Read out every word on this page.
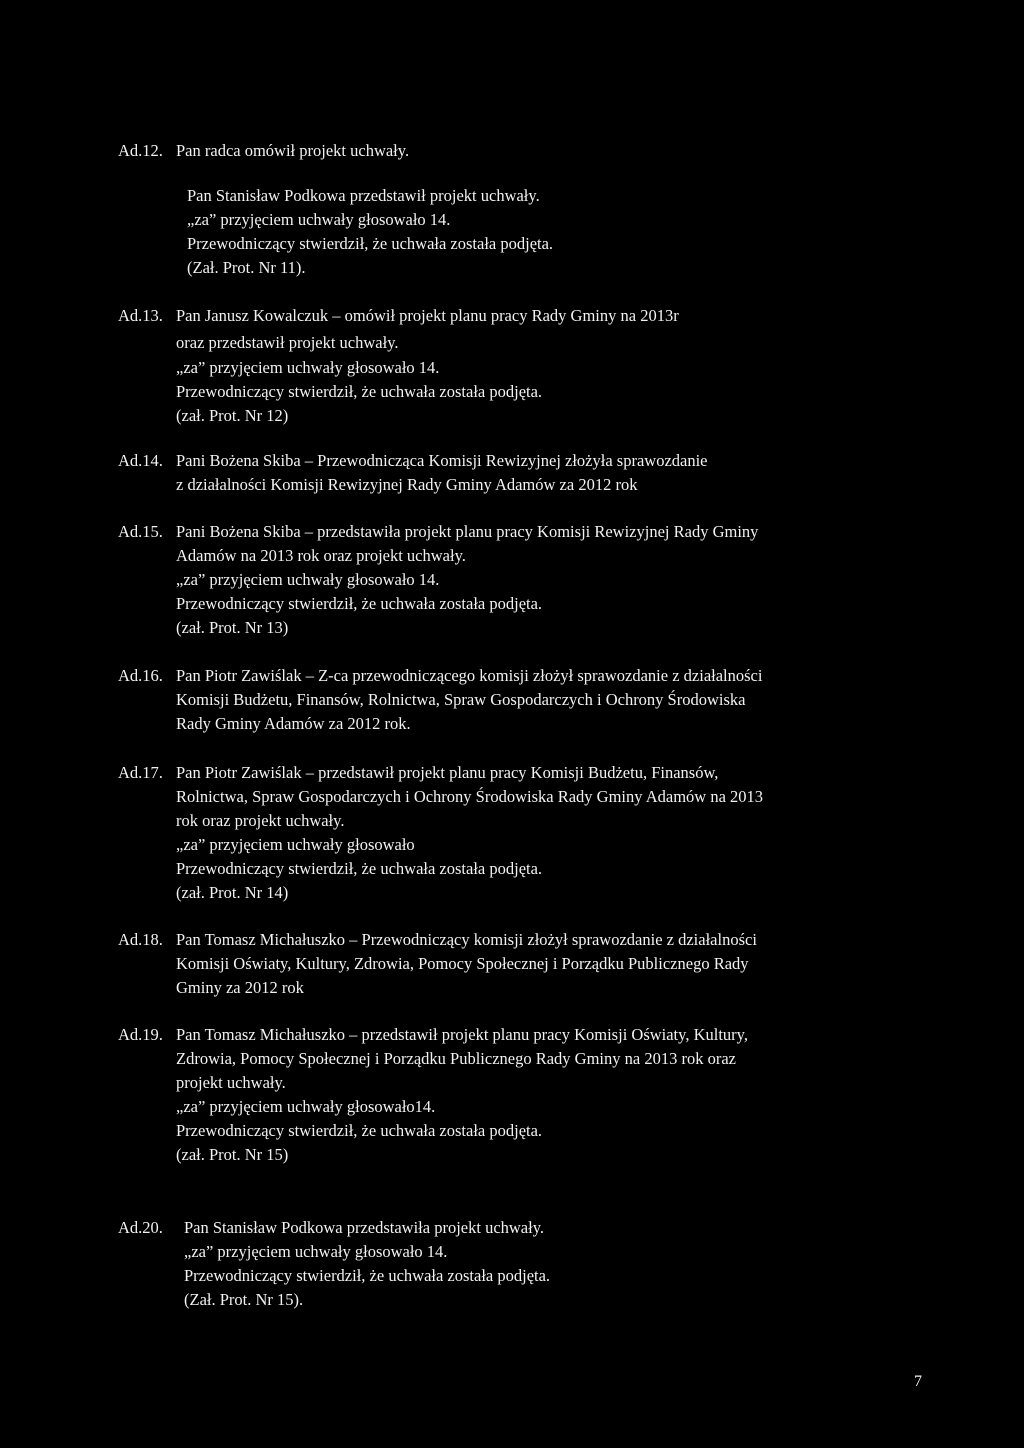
7
Ad.12. Pan radca omówił projekt uchwały.
Pan Stanisław Podkowa przedstawił projekt uchwały.
„za” przyjęciem uchwały głosowało 14.
Przewodniczący stwierdził, że uchwała została podjęta.
(Zał. Prot. Nr 11).
Ad.13. Pan Janusz Kowalczuk – omówił projekt planu pracy Rady Gminy na 2013r
oraz przedstawił projekt uchwały.
„za” przyjęciem uchwały głosowało 14.
Przewodniczący stwierdził, że uchwała została podjęta.
(zał. Prot. Nr 12)
Ad.14. Pani Bożena Skiba – Przewodnicząca Komisji Rewizyjnej złożyła sprawozdanie
z działalności Komisji Rewizyjnej Rady Gminy Adamów za 2012 rok
Ad.15. Pani Bożena Skiba – przedstawiła projekt planu pracy Komisji Rewizyjnej Rady Gminy
Adamów na 2013 rok oraz projekt uchwały.
„za” przyjęciem uchwały głosowało 14.
Przewodniczący stwierdził, że uchwała została podjęta.
(zał. Prot. Nr 13)
Ad.16. Pan Piotr Zawiślak – Z-ca przewodniczącego komisji złożył sprawozdanie z działalności
Komisji Budżetu, Finansów, Rolnictwa, Spraw Gospodarczych i Ochrony Środowiska
Rady Gminy Adamów za 2012 rok.
Ad.17. Pan Piotr Zawiślak – przedstawił projekt planu pracy Komisji Budżetu, Finansów,
Rolnictwa, Spraw Gospodarczych i Ochrony Środowiska Rady Gminy Adamów na 2013
rok oraz projekt uchwały.
„za” przyjęciem uchwały głosowało
Przewodniczący stwierdził, że uchwała została podjęta.
(zał. Prot. Nr 14)
Ad.18. Pan Tomasz Michałuszko – Przewodniczący komisji złożył sprawozdanie z działalności
Komisji Oświaty, Kultury, Zdrowia, Pomocy Społecznej i Porządku Publicznego Rady
Gminy za 2012 rok
Ad.19. Pan Tomasz Michałuszko – przedstawił projekt planu pracy Komisji Oświaty, Kultury,
Zdrowia, Pomocy Społecznej i Porządku Publicznego Rady Gminy na 2013 rok oraz
projekt uchwały.
„za” przyjęciem uchwały głosowało14.
Przewodniczący stwierdził, że uchwała została podjęta.
(zał. Prot. Nr 15)
Ad.20. Pan Stanisław Podkowa przedstawiła projekt uchwały.
„za” przyjęciem uchwały głosowało 14.
Przewodniczący stwierdził, że uchwała została podjęta.
(Zał. Prot. Nr 15).
